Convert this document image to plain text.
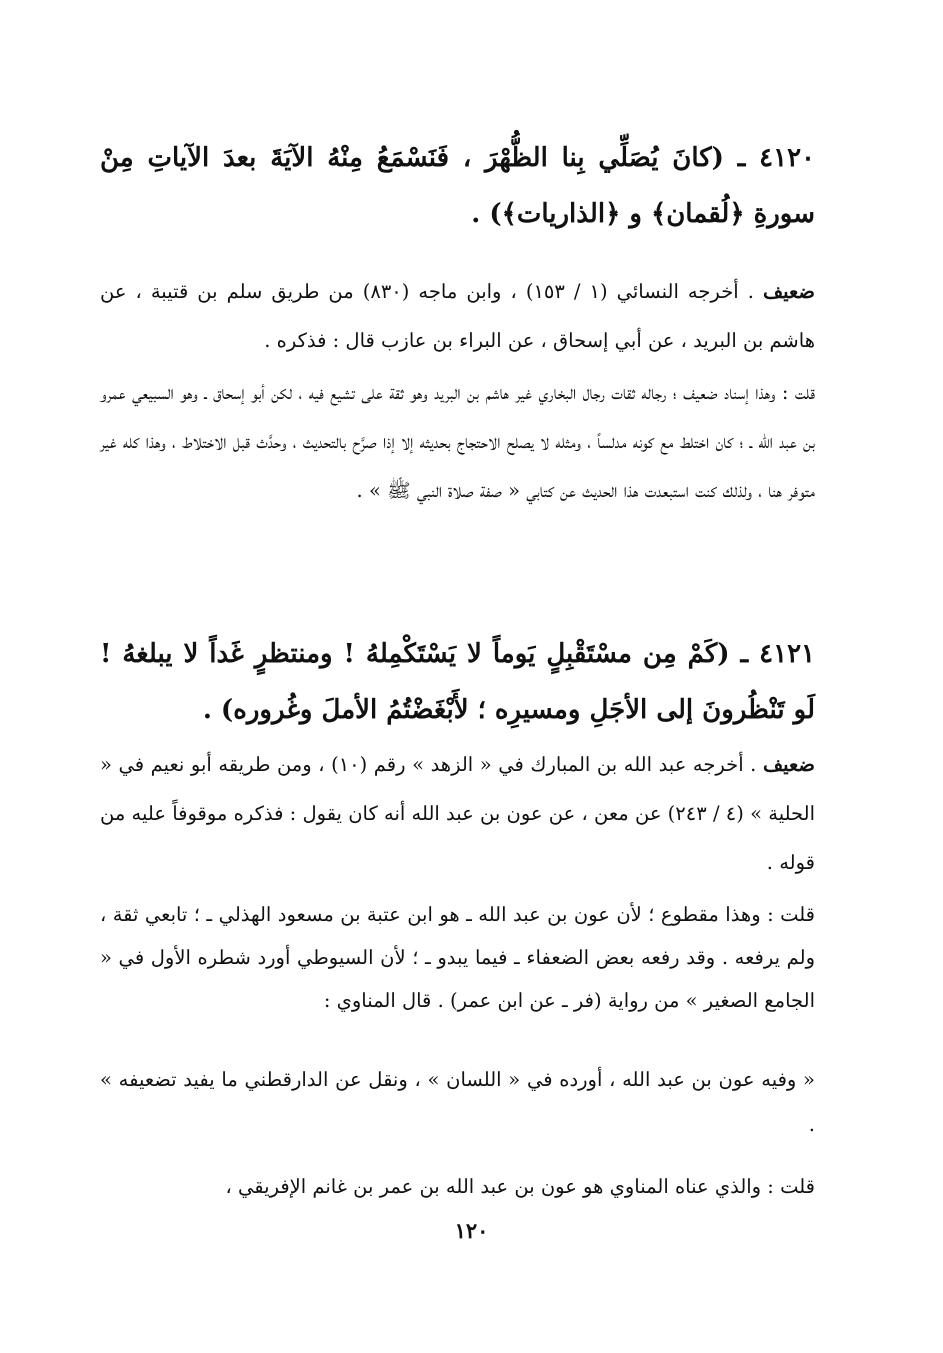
٤١٢٠ ـ (كانَ يُصَلِّي بِنا الظُّهْرَ ، فَنَسْمَعُ مِنْهُ الآيَةَ بعدَ الآياتِ مِنْ سورةِ ﴿لُقمان﴾ و ﴿الذاريات﴾) .

ضعيف . أخرجه النسائي (١ / ١٥٣) ، وابن ماجه (٨٣٠) من طريق سلم بن قتيبة ، عن هاشم بن البريد ، عن أبي إسحاق ، عن البراء بن عازب قال : فذكره .

قلت : وهذا إسناد ضعيف ؛ رجاله ثقات رجال البخاري غير هاشم بن البريد وهو ثقة على تشيع فيه ، لكن أبو إسحاق ـ وهو السبيعي عمرو بن عبد الله ـ ؛ كان اختلط مع كونه مدلساً ، ومثله لا يصلح الاحتجاج بحديثه إلا إذا صرَّح بالتحديث ، وحدَّث قبل الاختلاط ، وهذا كله غير متوفر هنا ، ولذلك كنت استبعدت هذا الحديث عن كتابي « صفة صلاة النبي ﷺ » .

٤١٢١ ـ (كَمْ مِن مسْتَقْبِلٍ يَوماً لا يَسْتَكْمِلهُ ! ومنتظرٍ غَداً لا يبلغهُ ! لَو تَنْظُرونَ إلى الأجَلِ ومسيرِه ؛ لأَبْغَضْتُمُ الأملَ وغُروره) .

ضعيف . أخرجه عبد الله بن المبارك في « الزهد » رقم (١٠) ، ومن طريقه أبو نعيم في « الحلية » (٤ / ٢٤٣) عن معن ، عن عون بن عبد الله أنه كان يقول : فذكره موقوفاً عليه من قوله .

قلت : وهذا مقطوع ؛ لأن عون بن عبد الله ـ هو ابن عتبة بن مسعود الهذلي ـ ؛ تابعي ثقة ، ولم يرفعه . وقد رفعه بعض الضعفاء ـ فيما يبدو ـ ؛ لأن السيوطي أورد شطره الأول في « الجامع الصغير » من رواية (فر ـ عن ابن عمر) . قال المناوي :

« وفيه عون بن عبد الله ، أورده في « اللسان » ، ونقل عن الدارقطني ما يفيد تضعيفه » .

قلت : والذي عناه المناوي هو عون بن عبد الله بن عمر بن غانم الإفريقي ،

١٢٠
